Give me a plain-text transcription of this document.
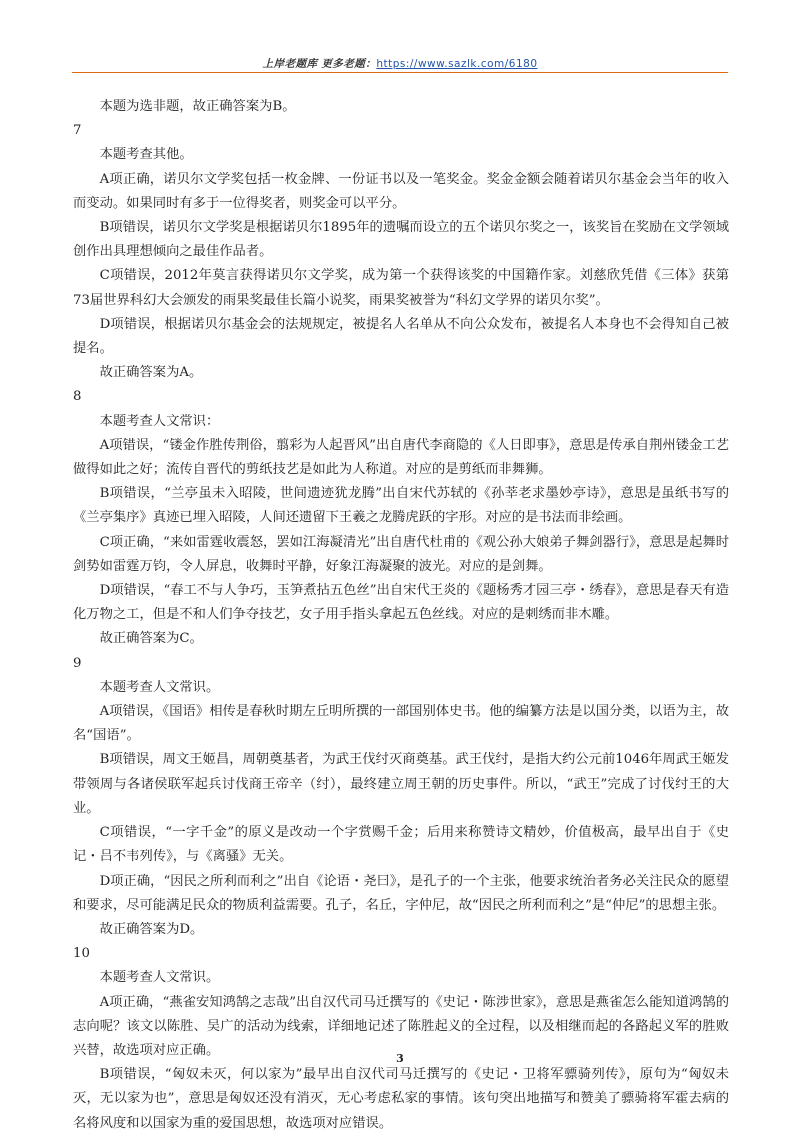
上岸老题库 更多老题：https://www.sazlk.com/6180

本题为选非题，故正确答案为B。

7

本题考查其他。

A项正确，诺贝尔文学奖包括一枚金牌、一份证书以及一笔奖金。奖金金额会随着诺贝尔基金会当年的收入而变动。如果同时有多于一位得奖者，则奖金可以平分。

B项错误，诺贝尔文学奖是根据诺贝尔1895年的遗嘱而设立的五个诺贝尔奖之一，该奖旨在奖励在文学领域创作出具理想倾向之最佳作品者。

C项错误，2012年莫言获得诺贝尔文学奖，成为第一个获得该奖的中国籍作家。刘慈欣凭借《三体》获第73届世界科幻大会颁发的雨果奖最佳长篇小说奖，雨果奖被誉为“科幻文学界的诺贝尔奖”。

D项错误，根据诺贝尔基金会的法规规定，被提名人名单从不向公众发布，被提名人本身也不会得知自己被提名。

故正确答案为A。

8

本题考查人文常识：

A项错误，“镂金作胜传荆俗，翦彩为人起晋风”出自唐代李商隐的《人日即事》，意思是传承自荆州镂金工艺做得如此之好；流传自晋代的剪纸技艺是如此为人称道。对应的是剪纸而非舞狮。

B项错误，“兰亭虽未入昭陵，世间遗迹犹龙腾”出自宋代苏轼的《孙莘老求墨妙亭诗》，意思是虽纸书写的《兰亭集序》真迹已埋入昭陵，人间还遗留下王羲之龙腾虎跃的字形。对应的是书法而非绘画。

C项正确，“来如雷霆收震怒，罢如江海凝清光”出自唐代杜甫的《观公孙大娘弟子舞剑器行》，意思是起舞时剑势如雷霆万钧，令人屏息，收舞时平静，好象江海凝聚的波光。对应的是剑舞。

D项错误，“春工不与人争巧，玉笋煮拈五色丝”出自宋代王炎的《题杨秀才园三亭・绣春》，意思是春天有造化万物之工，但是不和人们争夺技艺，女子用手指头拿起五色丝线。对应的是刺绣而非木雕。

故正确答案为C。

9

本题考查人文常识。

A项错误，《国语》相传是春秋时期左丘明所撰的一部国别体史书。他的编纂方法是以国分类，以语为主，故名“国语”。

B项错误，周文王姬昌，周朝奠基者，为武王伐纣灭商奠基。武王伐纣，是指大约公元前1046年周武王姬发带领周与各诸侯联军起兵讨伐商王帝辛（纣），最终建立周王朝的历史事件。所以，“武王”完成了讨伐纣王的大业。

C项错误，“一字千金”的原义是改动一个字赏赐千金；后用来称赞诗文精妙，价值极高，最早出自于《史记・吕不韦列传》，与《离骚》无关。

D项正确，“因民之所利而利之”出自《论语・尧曰》，是孔子的一个主张，他要求统治者务必关注民众的愿望和要求，尽可能满足民众的物质利益需要。孔子，名丘，字仲尼，故“因民之所利而利之”是“仲尼”的思想主张。

故正确答案为D。

10

本题考查人文常识。

A项正确，“燕雀安知鸿鹄之志哉”出自汉代司马迁撰写的《史记・陈涉世家》，意思是燕雀怎么能知道鸿鹄的志向呢？该文以陈胜、吴广的活动为线索，详细地记述了陈胜起义的全过程，以及相继而起的各路起义军的胜败兴替，故选项对应正确。

B项错误，“匈奴未灭，何以家为”最早出自汉代司马迁撰写的《史记・卫将军骠骑列传》，原句为“匈奴未灭，无以家为也”，意思是匈奴还没有消灭，无心考虑私家的事情。该句突出地描写和赞美了骠骑将军霍去病的名将风度和以国家为重的爱国思想，故选项对应错误。

3
